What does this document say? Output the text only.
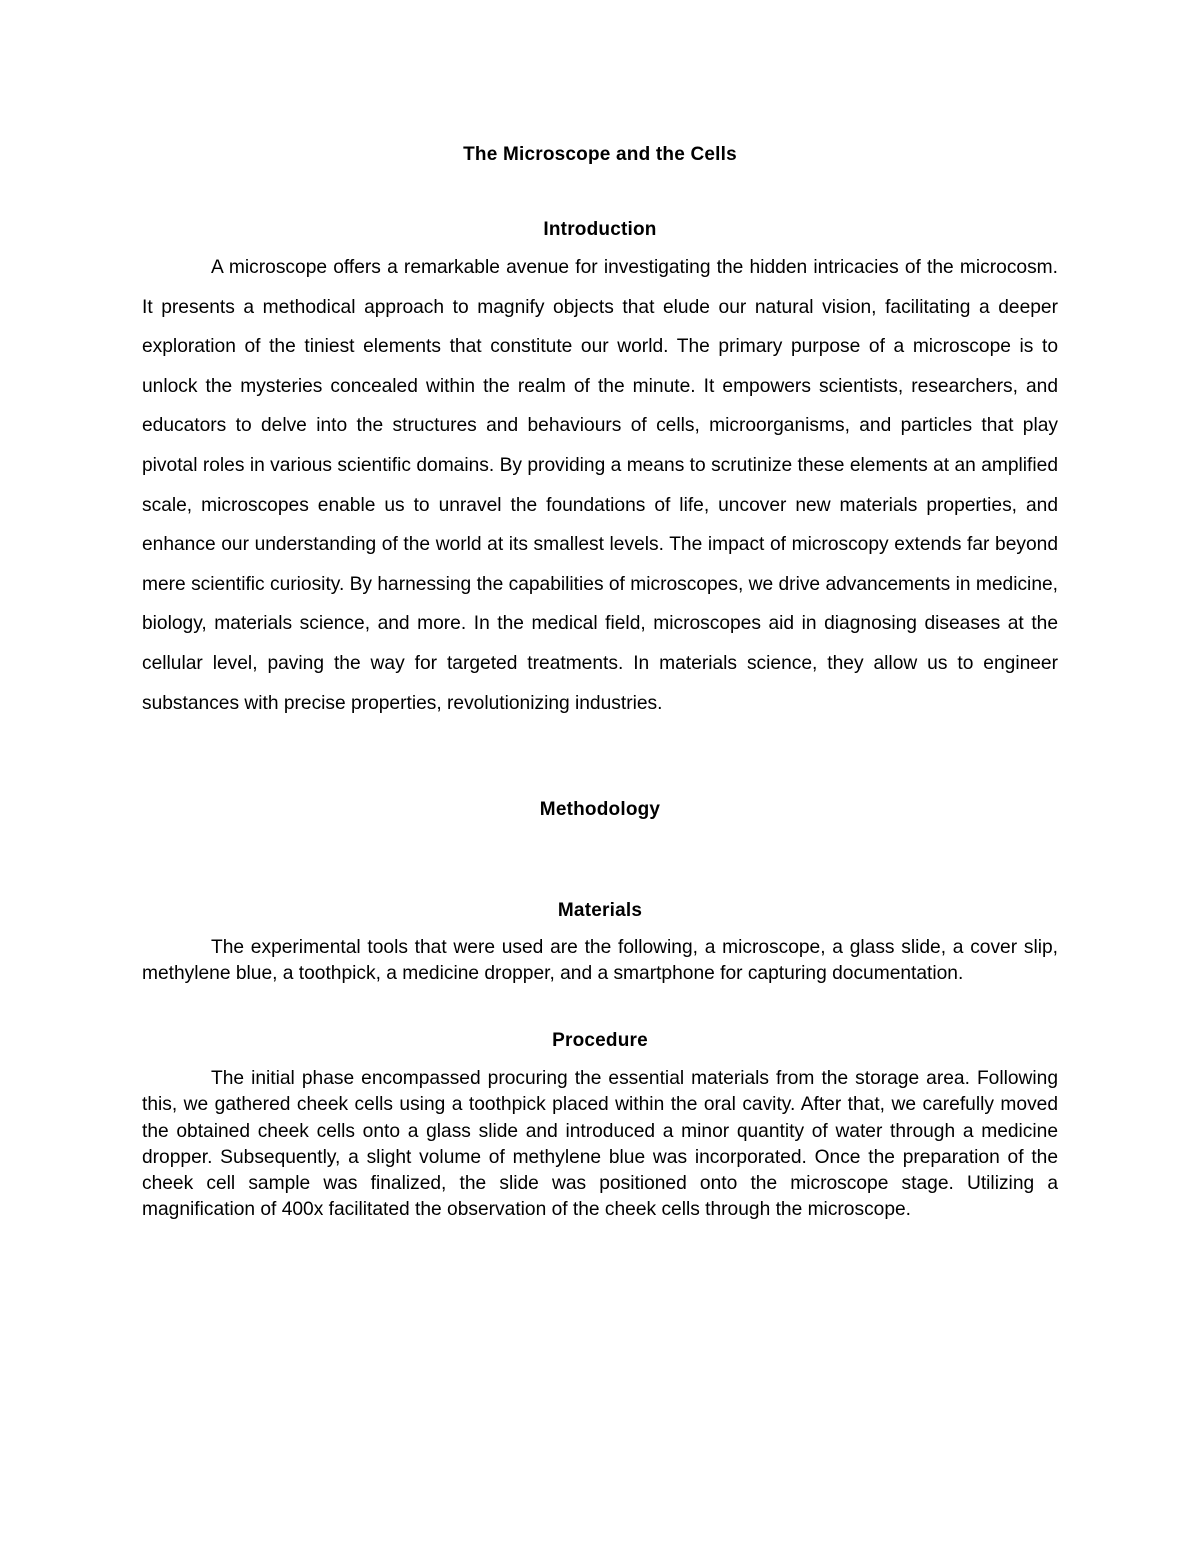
The Microscope and the Cells
Introduction

A microscope offers a remarkable avenue for investigating the hidden intricacies of the microcosm. It presents a methodical approach to magnify objects that elude our natural vision, facilitating a deeper exploration of the tiniest elements that constitute our world. The primary purpose of a microscope is to unlock the mysteries concealed within the realm of the minute. It empowers scientists, researchers, and educators to delve into the structures and behaviours of cells, microorganisms, and particles that play pivotal roles in various scientific domains. By providing a means to scrutinize these elements at an amplified scale, microscopes enable us to unravel the foundations of life, uncover new materials properties, and enhance our understanding of the world at its smallest levels. The impact of microscopy extends far beyond mere scientific curiosity. By harnessing the capabilities of microscopes, we drive advancements in medicine, biology, materials science, and more. In the medical field, microscopes aid in diagnosing diseases at the cellular level, paving the way for targeted treatments. In materials science, they allow us to engineer substances with precise properties, revolutionizing industries.

Methodology
Materials

The experimental tools that were used are the following, a microscope, a glass slide, a cover slip, methylene blue, a toothpick, a medicine dropper, and a smartphone for capturing documentation.

Procedure

The initial phase encompassed procuring the essential materials from the storage area. Following this, we gathered cheek cells using a toothpick placed within the oral cavity. After that, we carefully moved the obtained cheek cells onto a glass slide and introduced a minor quantity of water through a medicine dropper. Subsequently, a slight volume of methylene blue was incorporated. Once the preparation of the cheek cell sample was finalized, the slide was positioned onto the microscope stage. Utilizing a magnification of 400x facilitated the observation of the cheek cells through the microscope.
